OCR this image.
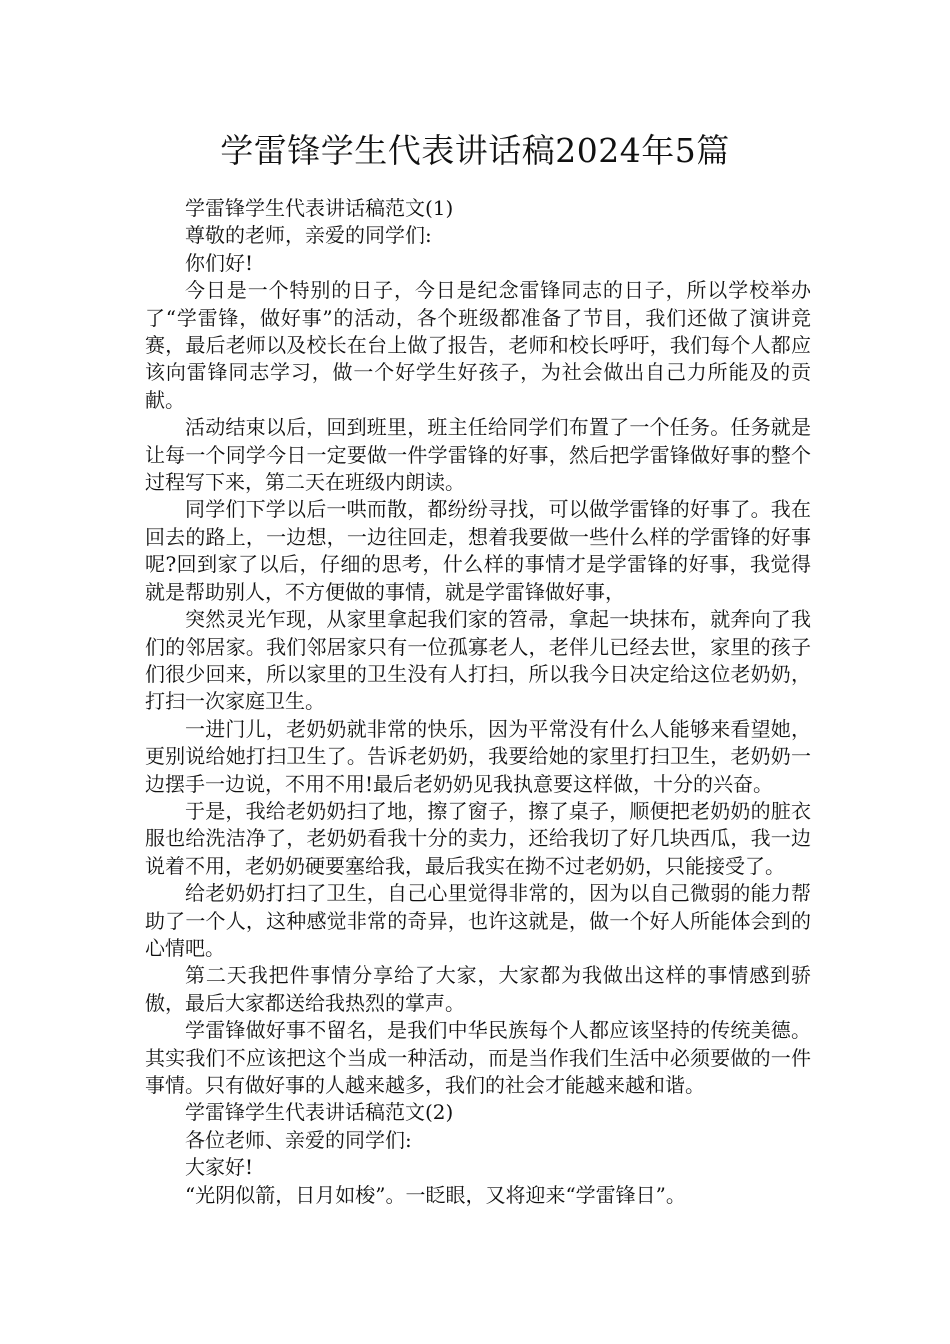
学雷锋学生代表讲话稿2024年5篇

学雷锋学生代表讲话稿范文(1)

尊敬的老师，亲爱的同学们:

你们好!

今日是一个特别的日子，今日是纪念雷锋同志的日子，所以学校举办了“学雷锋，做好事”的活动，各个班级都准备了节目，我们还做了演讲竞赛，最后老师以及校长在台上做了报告，老师和校长呼吁，我们每个人都应该向雷锋同志学习，做一个好学生好孩子，为社会做出自己力所能及的贡献。

活动结束以后，回到班里，班主任给同学们布置了一个任务。任务就是让每一个同学今日一定要做一件学雷锋的好事，然后把学雷锋做好事的整个过程写下来，第二天在班级内朗读。

同学们下学以后一哄而散，都纷纷寻找，可以做学雷锋的好事了。我在回去的路上，一边想，一边往回走，想着我要做一些什么样的学雷锋的好事呢?回到家了以后，仔细的思考，什么样的事情才是学雷锋的好事，我觉得就是帮助别人，不方便做的事情，就是学雷锋做好事，

突然灵光乍现，从家里拿起我们家的笤帚，拿起一块抹布，就奔向了我们的邻居家。我们邻居家只有一位孤寡老人，老伴儿已经去世，家里的孩子们很少回来，所以家里的卫生没有人打扫，所以我今日决定给这位老奶奶，打扫一次家庭卫生。

一进门儿，老奶奶就非常的快乐，因为平常没有什么人能够来看望她，更别说给她打扫卫生了。告诉老奶奶，我要给她的家里打扫卫生，老奶奶一边摆手一边说，不用不用!最后老奶奶见我执意要这样做，十分的兴奋。

于是，我给老奶奶扫了地，擦了窗子，擦了桌子，顺便把老奶奶的脏衣服也给洗洁净了，老奶奶看我十分的卖力，还给我切了好几块西瓜，我一边说着不用，老奶奶硬要塞给我，最后我实在拗不过老奶奶，只能接受了。

给老奶奶打扫了卫生，自己心里觉得非常的，因为以自己微弱的能力帮助了一个人，这种感觉非常的奇异，也许这就是，做一个好人所能体会到的心情吧。

第二天我把件事情分享给了大家，大家都为我做出这样的事情感到骄傲，最后大家都送给我热烈的掌声。

学雷锋做好事不留名，是我们中华民族每个人都应该坚持的传统美德。其实我们不应该把这个当成一种活动，而是当作我们生活中必须要做的一件事情。只有做好事的人越来越多，我们的社会才能越来越和谐。

学雷锋学生代表讲话稿范文(2)

各位老师、亲爱的同学们:

大家好!

“光阴似箭，日月如梭”。一眨眼，又将迎来“学雷锋日”。
